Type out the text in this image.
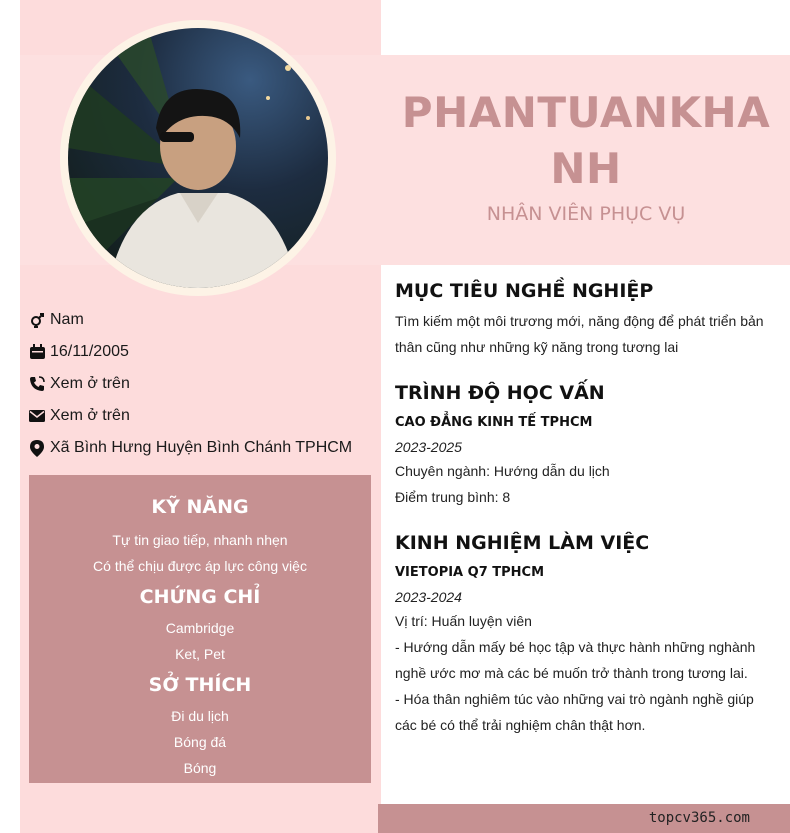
PHANTUANKHANH
NHÂN VIÊN PHỤC VỤ
Nam
16/11/2005
Xem ở trên
Xem ở trên
Xã Bình Hưng Huyện Bình Chánh TPHCM
KỸ NĂNG
Tự tin giao tiếp, nhanh nhẹn
Có thể chịu được áp lực công việc
CHỨNG CHỈ
Cambridge
Ket, Pet
SỞ THÍCH
Đi du lịch
Bóng đá
Bóng
MỤC TIÊU NGHỀ NGHIỆP
Tìm kiếm một môi trương mới, năng động để phát triển bản thân cũng như những kỹ năng trong tương lai
TRÌNH ĐỘ HỌC VẤN
CAO ĐẲNG KINH TẾ TPHCM
2023-2025
Chuyên ngành: Hướng dẫn du lịch
Điểm trung bình: 8
KINH NGHIỆM LÀM VIỆC
VIETOPIA Q7 TPHCM
2023-2024
Vị trí: Huấn luyện viên
- Hướng dẫn mấy bé học tập và thực hành những nghành nghề ước mơ mà các bé muốn trở thành trong tương lai.
- Hóa thân nghiêm túc vào những vai trò ngành nghề giúp các bé có thể trải nghiệm chân thật hơn.
topcv365.com
